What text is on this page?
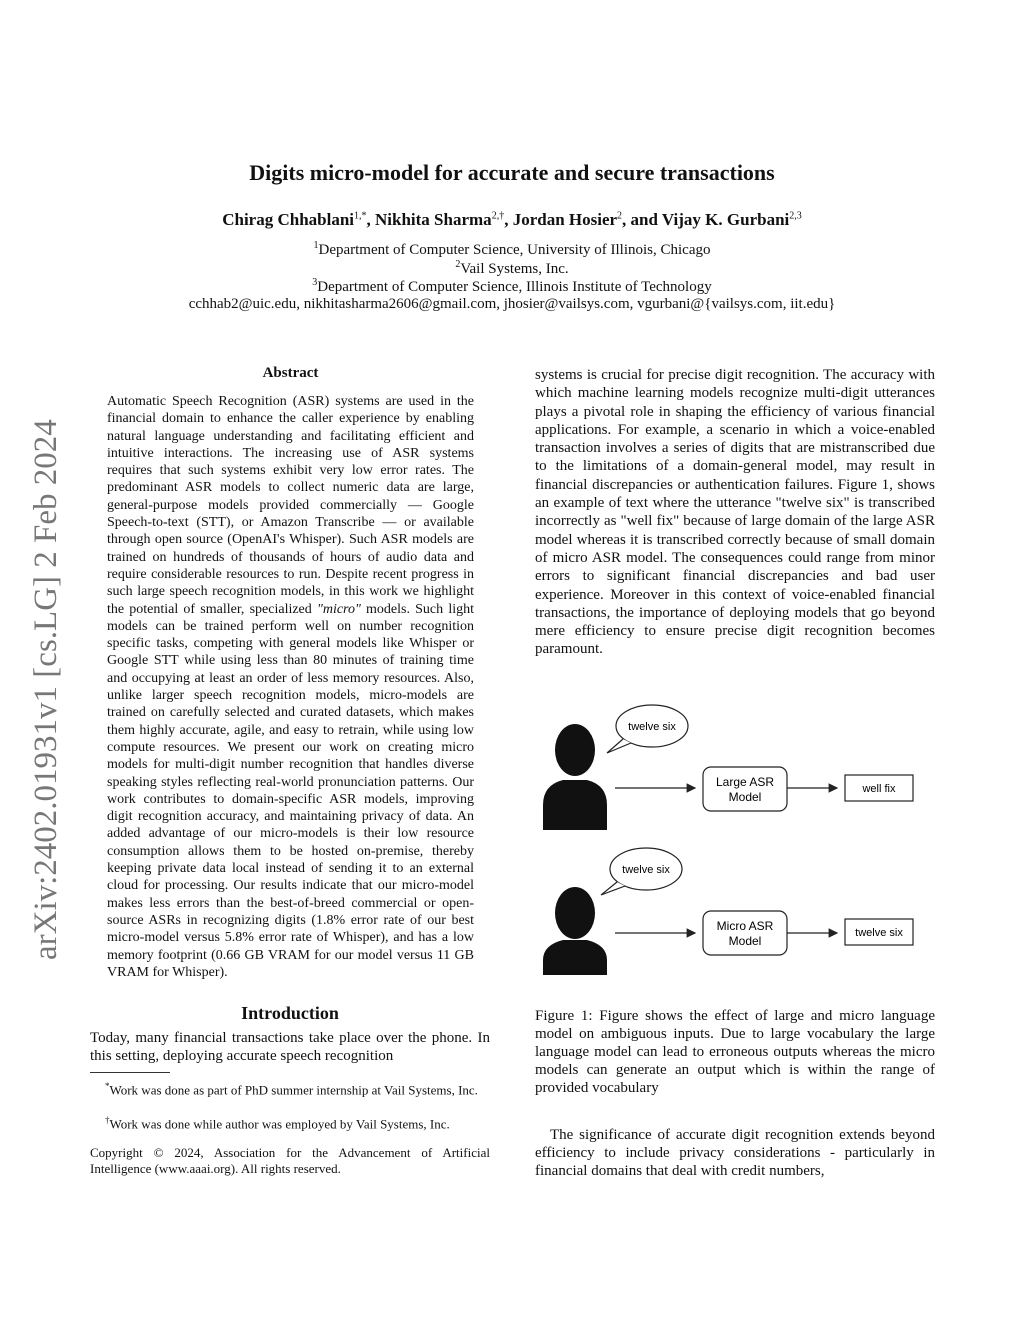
Digits micro-model for accurate and secure transactions
Chirag Chhablani$^{1,*}$, Nikhita Sharma$^{2,\dagger}$, Jordan Hosier$^2$, and Vijay K. Gurbani$^{2,3}$
$^1$Department of Computer Science, University of Illinois, Chicago
$^2$Vail Systems, Inc.
$^3$Department of Computer Science, Illinois Institute of Technology
cchhab2@uic.edu, nikhitasharma2606@gmail.com, jhosier@vailsys.com, vgurbani@{vailsys.com, iit.edu}
arXiv:2402.01931v1 [cs.LG] 2 Feb 2024
Abstract

Automatic Speech Recognition (ASR) systems are used in the financial domain to enhance the caller experience by enabling natural language understanding and facilitating efficient and intuitive interactions. The increasing use of ASR systems requires that such systems exhibit very low error rates. The predominant ASR models to collect numeric data are large, general-purpose models provided commercially — Google Speech-to-text (STT), or Amazon Transcribe — or available through open source (OpenAI's Whisper). Such ASR models are trained on hundreds of thousands of hours of audio data and require considerable resources to run. Despite recent progress in such large speech recognition models, in this work we highlight the potential of smaller, specialized "micro" models. Such light models can be trained perform well on number recognition specific tasks, competing with general models like Whisper or Google STT while using less than 80 minutes of training time and occupying at least an order of less memory resources. Also, unlike larger speech recognition models, micro-models are trained on carefully selected and curated datasets, which makes them highly accurate, agile, and easy to retrain, while using low compute resources. We present our work on creating micro models for multi-digit number recognition that handles diverse speaking styles reflecting real-world pronunciation patterns. Our work contributes to domain-specific ASR models, improving digit recognition accuracy, and maintaining privacy of data. An added advantage of our micro-models is their low resource consumption allows them to be hosted on-premise, thereby keeping private data local instead of sending it to an external cloud for processing. Our results indicate that our micro-model makes less errors than the best-of-breed commercial or open-source ASRs in recognizing digits (1.8% error rate of our best micro-model versus 5.8% error rate of Whisper), and has a low memory footprint (0.66 GB VRAM for our model versus 11 GB VRAM for Whisper).

Introduction
Today, many financial transactions take place over the phone. In this setting, deploying accurate speech recognition
*Work was done as part of PhD summer internship at Vail Systems, Inc.
†Work was done while author was employed by Vail Systems, Inc.
Copyright © 2024, Association for the Advancement of Artificial Intelligence (www.aaai.org). All rights reserved.
systems is crucial for precise digit recognition. The accuracy with which machine learning models recognize multi-digit utterances plays a pivotal role in shaping the efficiency of various financial applications. For example, a scenario in which a voice-enabled transaction involves a series of digits that are mistranscribed due to the limitations of a domain-general model, may result in financial discrepancies or authentication failures. Figure 1, shows an example of text where the utterance "twelve six" is transcribed incorrectly as "well fix" because of large domain of the large ASR model whereas it is transcribed correctly because of small domain of micro ASR model. The consequences could range from minor errors to significant financial discrepancies and bad user experience. Moreover in this context of voice-enabled financial transactions, the importance of deploying models that go beyond mere efficiency to ensure precise digit recognition becomes paramount.
twelve six
Large ASR
Model
well fix
twelve six
Micro ASR
Model
twelve six
Figure 1: Figure shows the effect of large and micro language model on ambiguous inputs. Due to large vocabulary the large language model can lead to erroneous outputs whereas the micro models can generate an output which is within the range of provided vocabulary
The significance of accurate digit recognition extends beyond efficiency to include privacy considerations - particularly in financial domains that deal with credit numbers,
